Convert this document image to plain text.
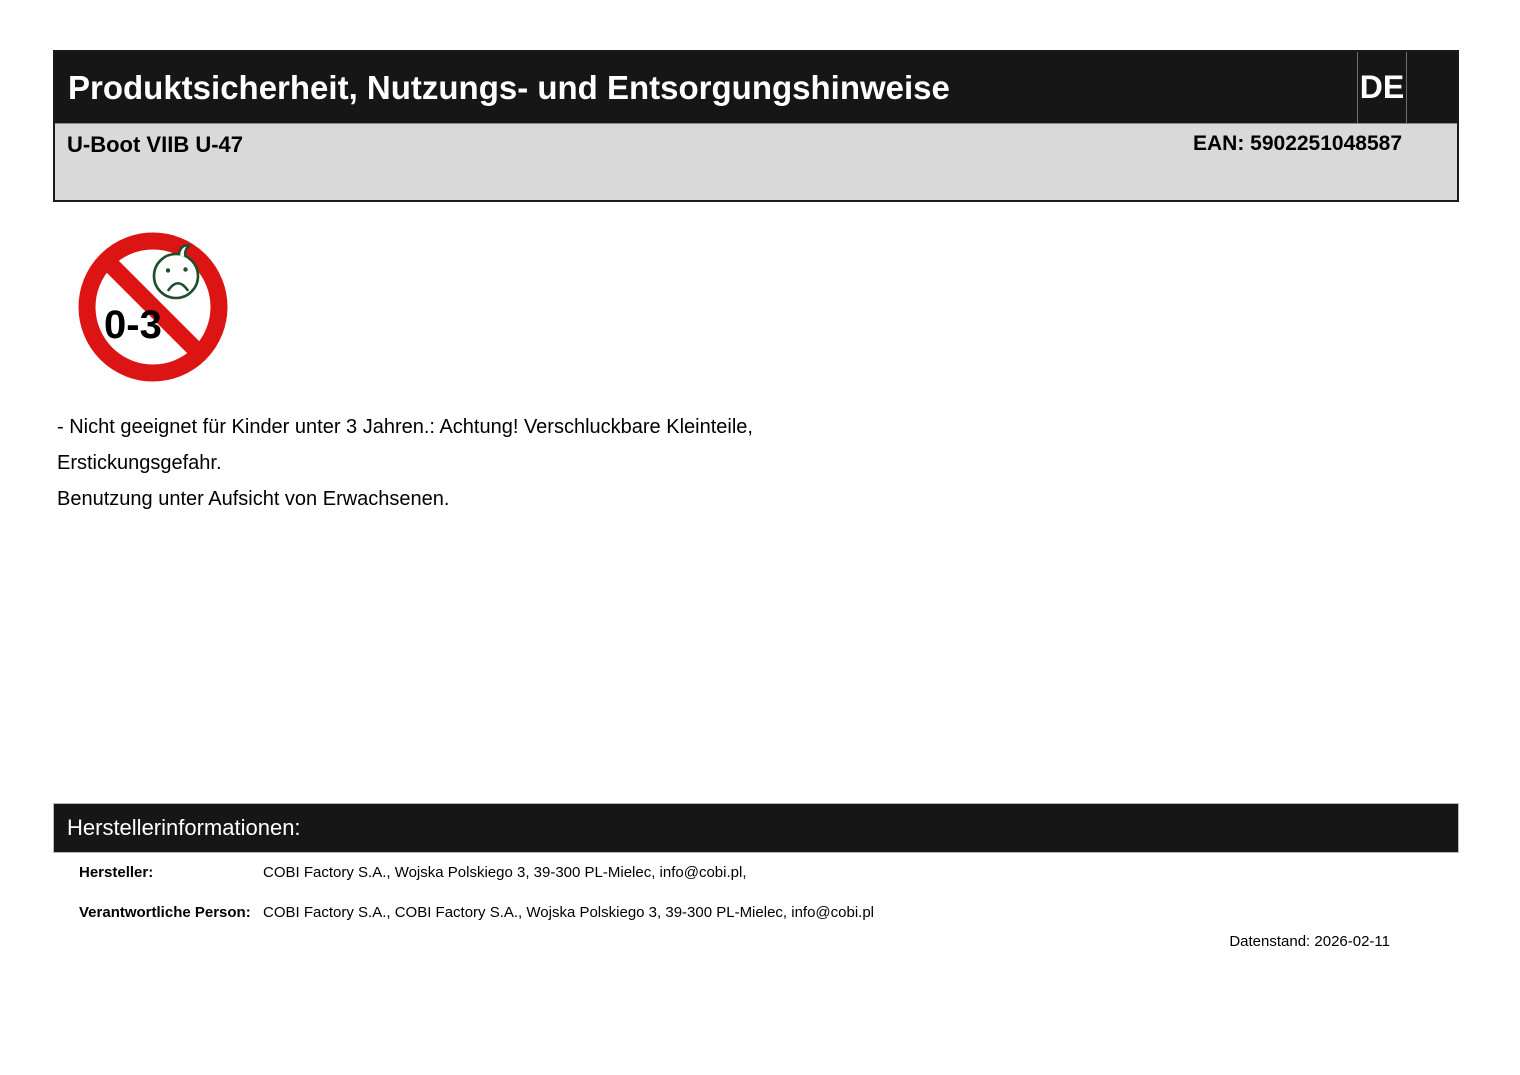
Produktsicherheit, Nutzungs- und Entsorgungshinweise	DE
U-Boot VIIB U-47	EAN: 5902251048587
0-3
- Nicht geeignet für Kinder unter 3 Jahren.: Achtung! Verschluckbare Kleinteile,
Erstickungsgefahr.
Benutzung unter Aufsicht von Erwachsenen.
Herstellerinformationen:
Hersteller:	COBI Factory S.A., Wojska Polskiego 3, 39-300 PL-Mielec, info@cobi.pl,
Verantwortliche Person: COBI Factory S.A., COBI Factory S.A., Wojska Polskiego 3, 39-300 PL-Mielec, info@cobi.pl
Datenstand: 2026-02-11
